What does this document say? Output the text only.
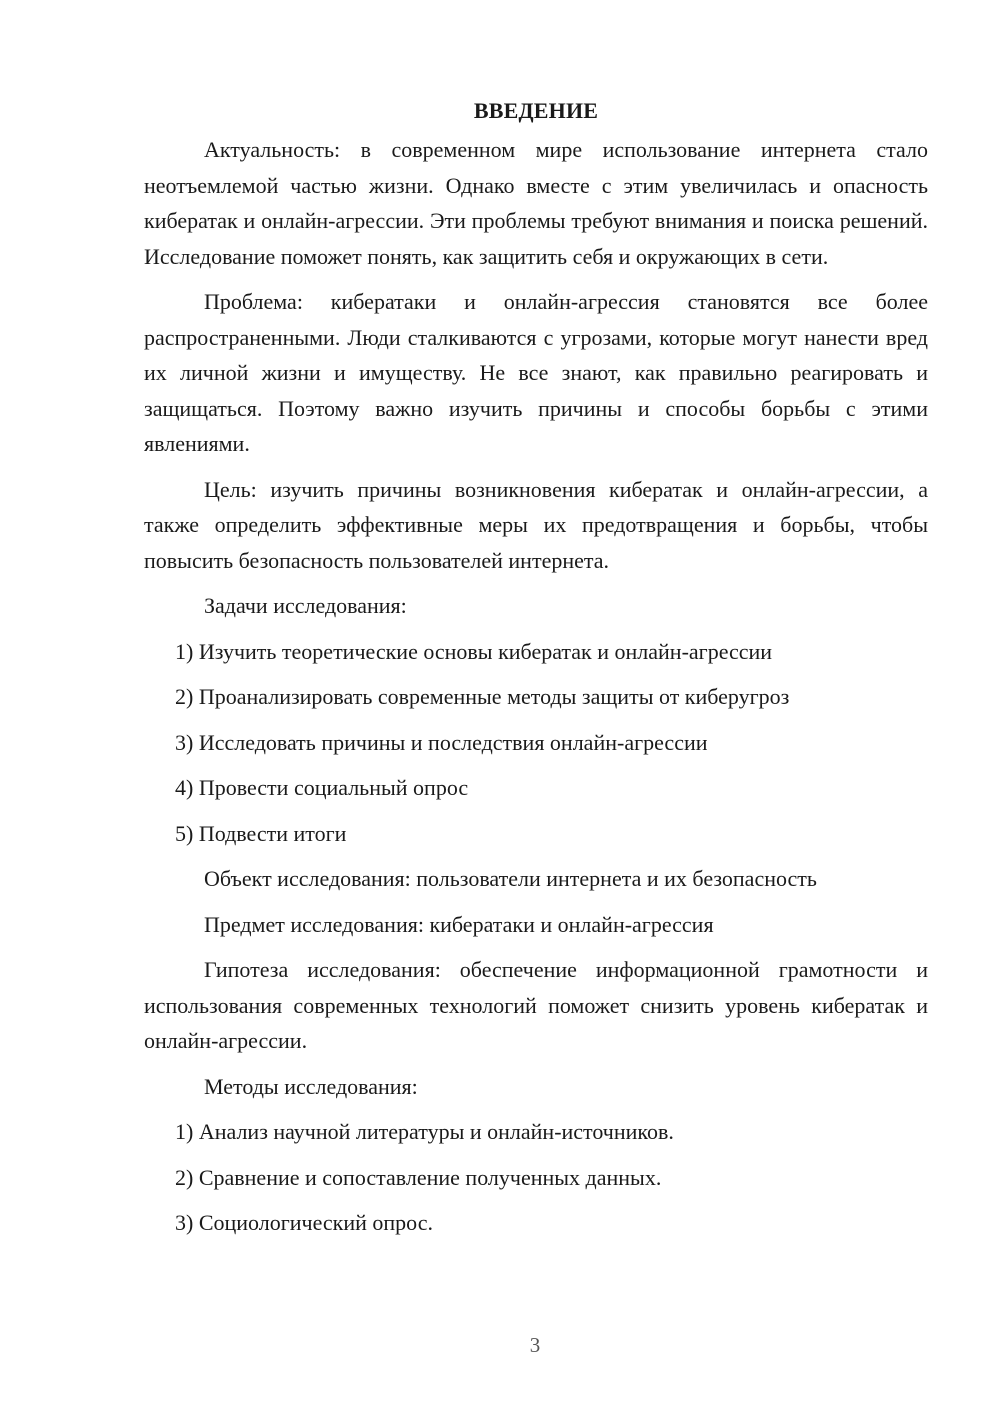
ВВЕДЕНИЕ

Актуальность: в современном мире использование интернета стало неотъемлемой частью жизни. Однако вместе с этим увеличилась и опасность кибератак и онлайн-агрессии. Эти проблемы требуют внимания и поиска решений. Исследование поможет понять, как защитить себя и окружающих в сети.

Проблема: кибератаки и онлайн-агрессия становятся все более распространенными. Люди сталкиваются с угрозами, которые могут нанести вред их личной жизни и имуществу. Не все знают, как правильно реагировать и защищаться. Поэтому важно изучить причины и способы борьбы с этими явлениями.

Цель: изучить причины возникновения кибератак и онлайн-агрессии, а также определить эффективные меры их предотвращения и борьбы, чтобы повысить безопасность пользователей интернета.

Задачи исследования:
1) Изучить теоретические основы кибератак и онлайн-агрессии
2) Проанализировать современные методы защиты от киберугроз
3) Исследовать причины и последствия онлайн-агрессии
4) Провести социальный опрос
5) Подвести итоги
Объект исследования: пользователи интернета и их безопасность
Предмет исследования: кибератаки и онлайн-агрессия

Гипотеза исследования: обеспечение информационной грамотности и использования современных технологий поможет снизить уровень кибератак и онлайн-агрессии.

Методы исследования:
1) Анализ научной литературы и онлайн-источников.
2) Сравнение и сопоставление полученных данных.
3) Социологический опрос.
3
